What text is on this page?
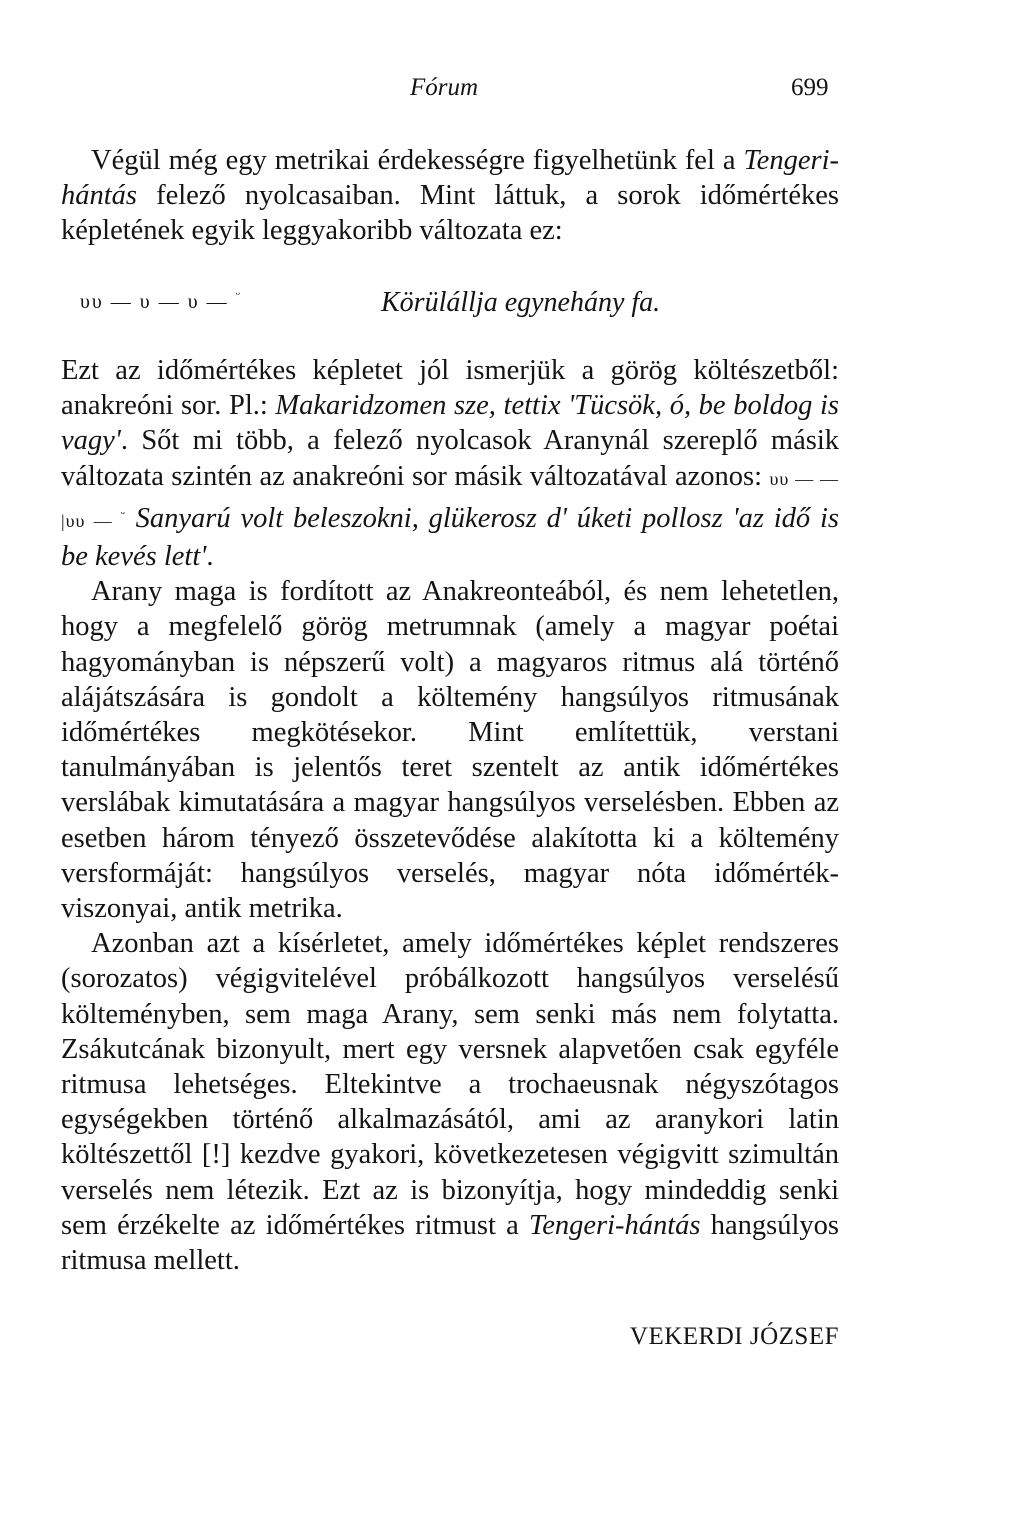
Fórum	699

Végül még egy metrikai érdekességre figyelhetünk fel a Tengeri-hántás felező nyolcasaiban. Mint láttuk, a sorok időmértékes képletének egyik leggyakoribb változata ez:

υυ — υ — υ — $^ᵕ$	Körülállja egynehány fa.

Ezt az időmértékes képletet jól ismerjük a görög költészetből: anakreóni sor. Pl.: Makaridzomen sze, tettix 'Tücsök, ó, be boldog is vagy'. Sőt mi több, a felező nyolcasok Aranynál szereplő másik változata szintén az anakreóni sor másik változatával azonos: υυ — — |υυ — $^ᵕ$ Sanyarú volt beleszokni, glükerosz d' úketi pollosz 'az idő is be kevés lett'.

Arany maga is fordított az Anakreonteából, és nem lehetetlen, hogy a megfelelő görög metrumnak (amely a magyar poétai hagyományban is népszerű volt) a magyaros ritmus alá történő alájátszására is gondolt a költemény hangsúlyos ritmusának időmértékes megkötésekor. Mint említettük, verstani tanulmányában is jelentős teret szentelt az antik időmértékes verslábak kimutatására a magyar hangsúlyos verselésben. Ebben az esetben három tényező összetevődése alakította ki a költemény versformáját: hangsúlyos verselés, magyar nóta időmérték-viszonyai, antik metrika.

Azonban azt a kísérletet, amely időmértékes képlet rendszeres (sorozatos) végigvitelével próbálkozott hangsúlyos verselésű költeményben, sem maga Arany, sem senki más nem folytatta. Zsákutcának bizonyult, mert egy versnek alapvetően csak egyféle ritmusa lehetséges. Eltekintve a trochaeusnak négyszótagos egységekben történő alkalmazásától, ami az aranykori latin költészettől [!] kezdve gyakori, következetesen végigvitt szimultán verselés nem létezik. Ezt az is bizonyítja, hogy mindeddig senki sem érzékelte az időmértékes ritmust a Tengeri-hántás hangsúlyos ritmusa mellett.

VEKERDI JÓZSEF
